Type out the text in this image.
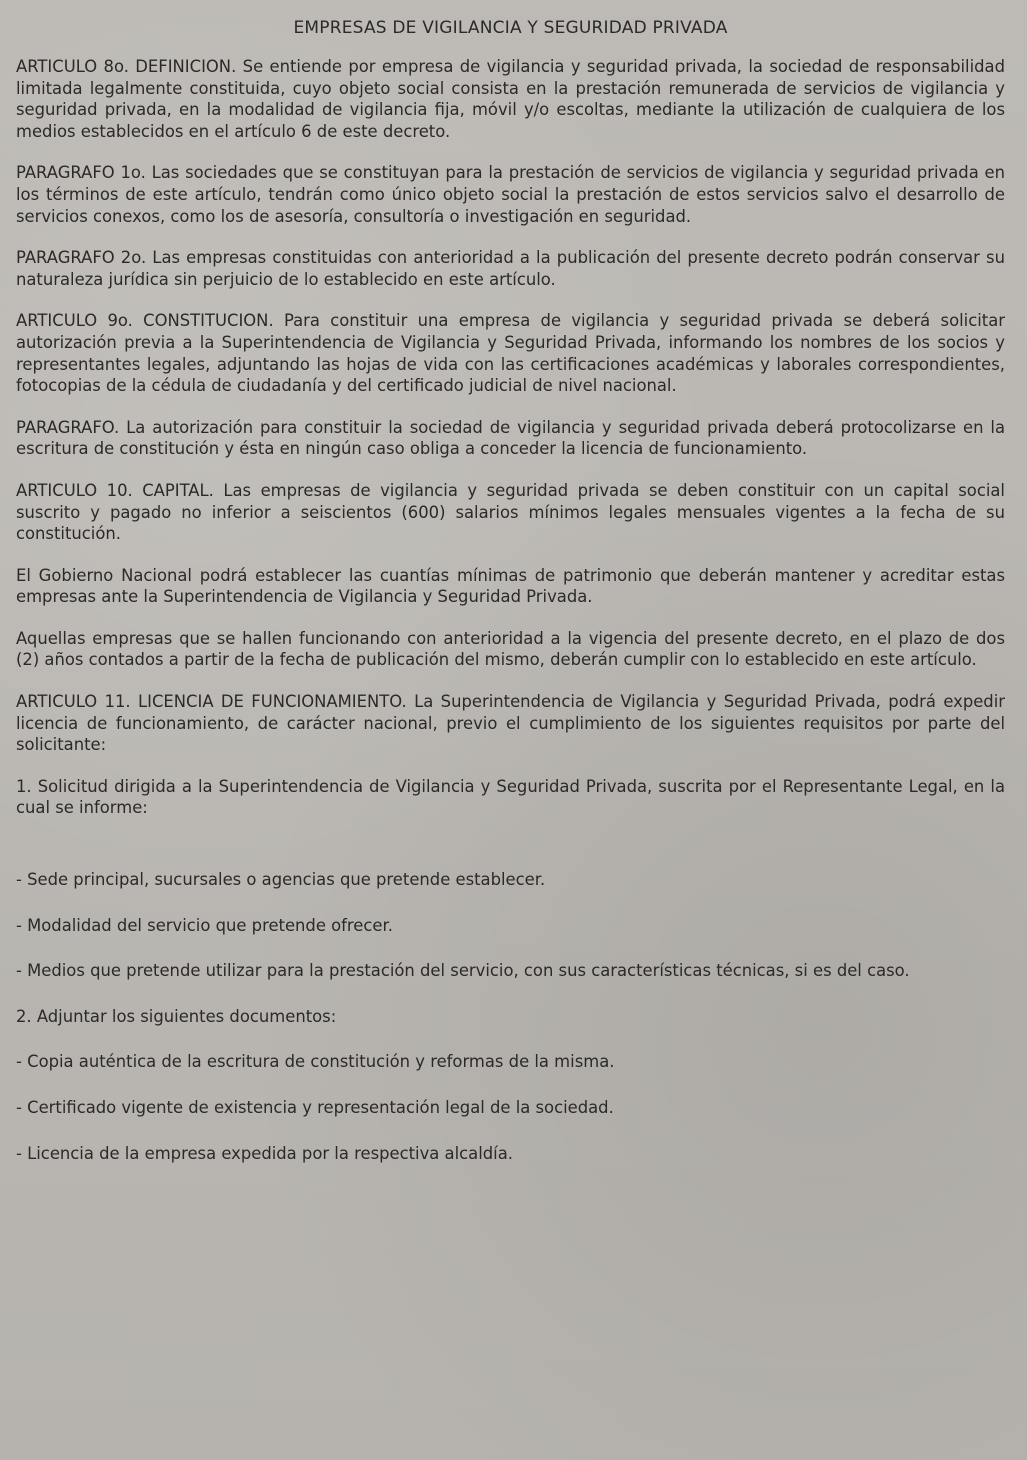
EMPRESAS DE VIGILANCIA Y SEGURIDAD PRIVADA

ARTICULO 8o. DEFINICION. Se entiende por empresa de vigilancia y seguridad privada, la sociedad de responsabilidad limitada legalmente constituida, cuyo objeto social consista en la prestación remunerada de servicios de vigilancia y seguridad privada, en la modalidad de vigilancia fija, móvil y/o escoltas, mediante la utilización de cualquiera de los medios establecidos en el artículo 6 de este decreto.

PARAGRAFO 1o. Las sociedades que se constituyan para la prestación de servicios de vigilancia y seguridad privada en los términos de este artículo, tendrán como único objeto social la prestación de estos servicios salvo el desarrollo de servicios conexos, como los de asesoría, consultoría o investigación en seguridad.

PARAGRAFO 2o. Las empresas constituidas con anterioridad a la publicación del presente decreto podrán conservar su naturaleza jurídica sin perjuicio de lo establecido en este artículo.

ARTICULO 9o. CONSTITUCION. Para constituir una empresa de vigilancia y seguridad privada se deberá solicitar autorización previa a la Superintendencia de Vigilancia y Seguridad Privada, informando los nombres de los socios y representantes legales, adjuntando las hojas de vida con las certificaciones académicas y laborales correspondientes, fotocopias de la cédula de ciudadanía y del certificado judicial de nivel nacional.

PARAGRAFO. La autorización para constituir la sociedad de vigilancia y seguridad privada deberá protocolizarse en la escritura de constitución y ésta en ningún caso obliga a conceder la licencia de funcionamiento.

ARTICULO 10. CAPITAL. Las empresas de vigilancia y seguridad privada se deben constituir con un capital social suscrito y pagado no inferior a seiscientos (600) salarios mínimos legales mensuales vigentes a la fecha de su constitución.

El Gobierno Nacional podrá establecer las cuantías mínimas de patrimonio que deberán mantener y acreditar estas empresas ante la Superintendencia de Vigilancia y Seguridad Privada.

Aquellas empresas que se hallen funcionando con anterioridad a la vigencia del presente decreto, en el plazo de dos (2) años contados a partir de la fecha de publicación del mismo, deberán cumplir con lo establecido en este artículo.

ARTICULO 11. LICENCIA DE FUNCIONAMIENTO. La Superintendencia de Vigilancia y Seguridad Privada, podrá expedir licencia de funcionamiento, de carácter nacional, previo el cumplimiento de los siguientes requisitos por parte del solicitante:

1. Solicitud dirigida a la Superintendencia de Vigilancia y Seguridad Privada, suscrita por el Representante Legal, en la cual se informe:

- Sede principal, sucursales o agencias que pretende establecer.
- Modalidad del servicio que pretende ofrecer.
- Medios que pretende utilizar para la prestación del servicio, con sus características técnicas, si es del caso.
2. Adjuntar los siguientes documentos:
- Copia auténtica de la escritura de constitución y reformas de la misma.
- Certificado vigente de existencia y representación legal de la sociedad.
- Licencia de la empresa expedida por la respectiva alcaldía.
